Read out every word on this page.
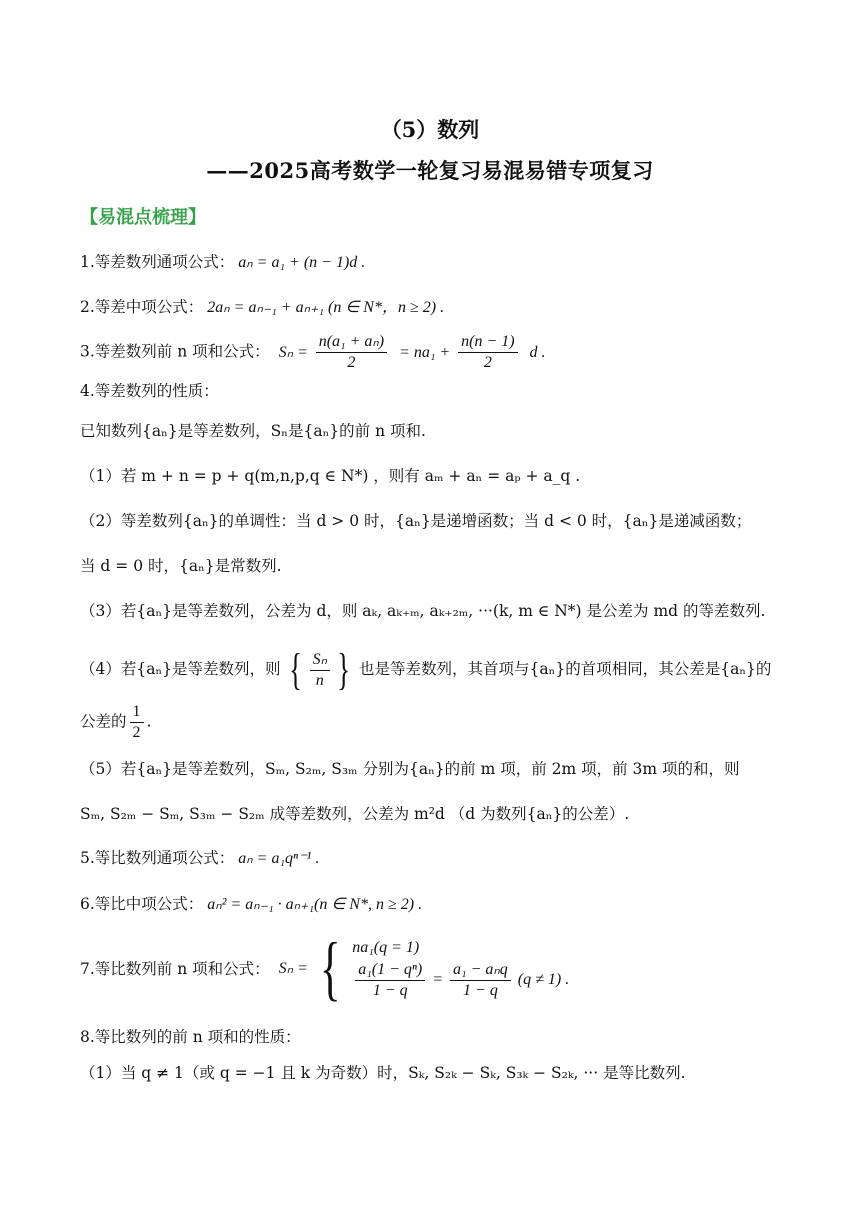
（5）数列
——2025高考数学一轮复习易混易错专项复习
【易混点梳理】
1.等差数列通项公式： aₙ = a₁ + (n − 1)d .
2.等差中项公式： 2aₙ = aₙ₋₁ + aₙ₊₁ (n ∈ N*，n ≥ 2) .
3.等差数列前 n 项和公式： $S_n = \frac{\text{n(a₁ + aₙ)}}{2} = na_1 + \frac{n(n - 1)}{2}$ d .
4.等差数列的性质：
已知数列{aₙ}是等差数列，Sₙ是{aₙ}的前 n 项和.
（1）若 m + n = p + q(m,n,p,q ∈ N*) ，则有 aₘ + aₙ = aₚ + a_q .
（2）等差数列{aₙ}的单调性：当 d > 0 时，{aₙ}是递增函数；当 d < 0 时，{aₙ}是递减函数；
当 d = 0 时，{aₙ}是常数列.
（3）若{aₙ}是等差数列，公差为 d，则 aₖ, aₖ₊ₘ, aₖ₊₂ₘ, ···(k, m ∈ N*) 是公差为 md 的等差数列.
（4）若{aₙ}是等差数列，则 { $\frac{\text{Sₙ}}{n}$ } 也是等差数列，其首项与{aₙ}的首项相同，其公差是{aₙ}的
公差的 $\frac{1}{2}$ .
（5）若{aₙ}是等差数列，Sₘ, S₂ₘ, S₃ₘ 分别为{aₙ}的前 m 项，前 2m 项，前 3m 项的和，则
Sₘ, S₂ₘ − Sₘ, S₃ₘ − S₂ₘ 成等差数列，公差为 m²d （d 为数列{aₙ}的公差）.
5.等比数列通项公式： aₙ = a₁qⁿ⁻¹ .
6.等比中项公式： aₙ² = aₙ₋₁ · aₙ₊₁(n ∈ N*, n ≥ 2) .
7.等比数列前 n 项和公式： Sₙ = { na₁(q = 1)
$\frac{\text{a₁(1 − qⁿ)}}{1 - q} = \frac{\text{a₁ − aₙq}}{1 - q} (q \ne 1)$ .
8.等比数列的前 n 项和的性质：
（1）当 q ≠ 1（或 q = −1 且 k 为奇数）时，Sₖ, S₂ₖ − Sₖ, S₃ₖ − S₂ₖ, ··· 是等比数列.
